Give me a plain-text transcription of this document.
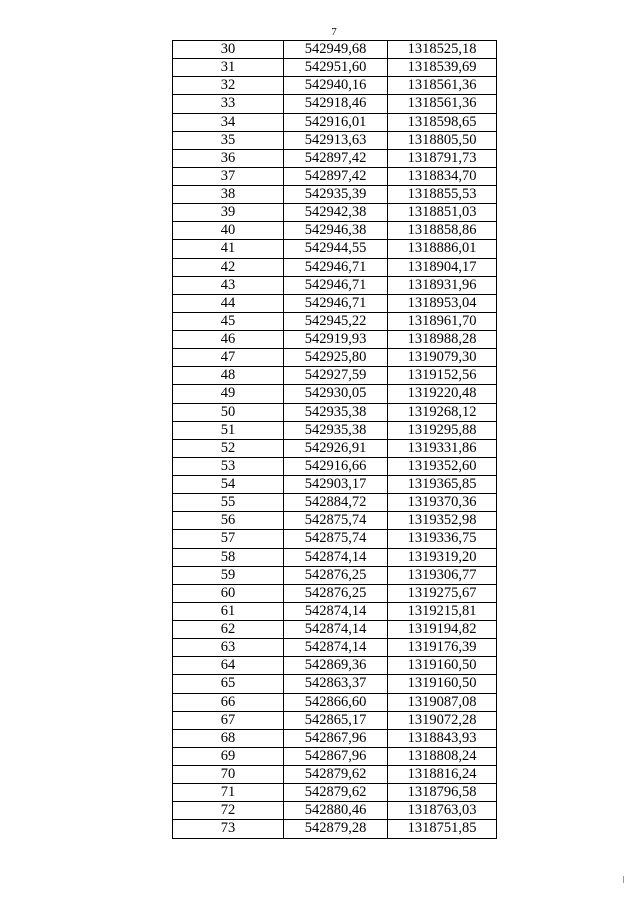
7
30	542949,68	1318525,18
31	542951,60	1318539,69
32	542940,16	1318561,36
33	542918,46	1318561,36
34	542916,01	1318598,65
35	542913,63	1318805,50
36	542897,42	1318791,73
37	542897,42	1318834,70
38	542935,39	1318855,53
39	542942,38	1318851,03
40	542946,38	1318858,86
41	542944,55	1318886,01
42	542946,71	1318904,17
43	542946,71	1318931,96
44	542946,71	1318953,04
45	542945,22	1318961,70
46	542919,93	1318988,28
47	542925,80	1319079,30
48	542927,59	1319152,56
49	542930,05	1319220,48
50	542935,38	1319268,12
51	542935,38	1319295,88
52	542926,91	1319331,86
53	542916,66	1319352,60
54	542903,17	1319365,85
55	542884,72	1319370,36
56	542875,74	1319352,98
57	542875,74	1319336,75
58	542874,14	1319319,20
59	542876,25	1319306,77
60	542876,25	1319275,67
61	542874,14	1319215,81
62	542874,14	1319194,82
63	542874,14	1319176,39
64	542869,36	1319160,50
65	542863,37	1319160,50
66	542866,60	1319087,08
67	542865,17	1319072,28
68	542867,96	1318843,93
69	542867,96	1318808,24
70	542879,62	1318816,24
71	542879,62	1318796,58
72	542880,46	1318763,03
73	542879,28	1318751,85
